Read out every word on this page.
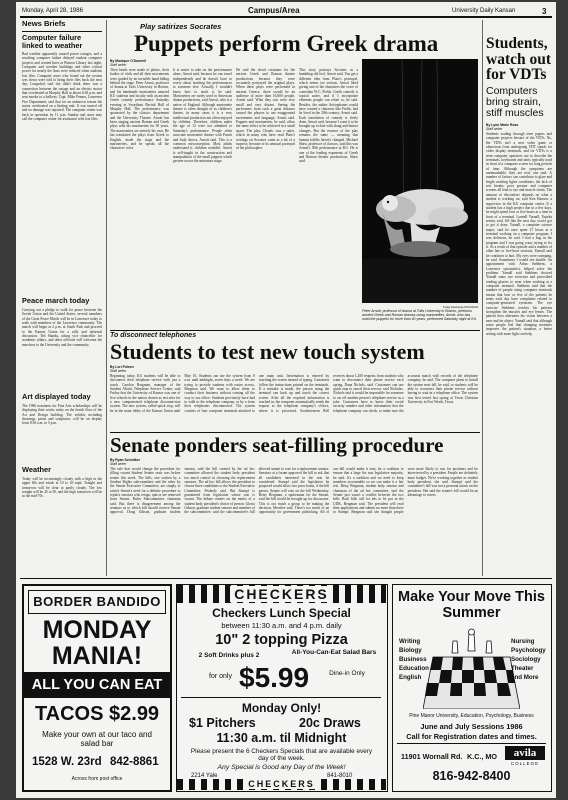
Monday, April 28, 1986	Campus/Area	University Daily Kansan	3
News Briefs
Computer failure linked to weather
Bad weather apparently caused power outages, and a resulting computer failure delayed student computer projects and created lines at Watson Library last night. Computer and weather buildings and other critical power for nearly the lines were reduced when students lost files. Computer users who found out the system was down were told to bring their files back the next day. Longsdorf said she didn't think there was a connection between the outage and an electric motor that overheated at Murphy Hall at about 6:30 p.m. and sent smoke to a hallway. Capt. Mike Penner, Lawrence Fire Department, said that for an unknown reason the motor overheated on a heating unit. It was turned off and no damage was reported. The computer center was back in operation by 11 p.m. Sunday and users may call the computer center for assistance with lost files.
Peace march today
Carrying out a pledge to walk for peace between the Soviet Union and the United States, several members of the Great Peace March will be in Lawrence today to walk with members of the Lawrence community. The march will begin at 2 p.m. at South Park and proceed to the Kansas Union for a rally and informal discussion. Ted Shanks, acting vice chancellor for academic affairs, and other officials will welcome the marchers to the University and the community.
Art displayed today
The 1986 nominees for Fine Arts scholarships will be displaying their works today on the fourth floor of the Art and Design building. The exhibit, including drawings, prints and sculptures, will be on display from 8:30 a.m. to 5 p.m.
Weather
Today will be increasingly cloudy with a high in the upper 60s and winds at 10 to 20 mph. Tonight and tomorrow will be clear to partly cloudy. The low tonight will be 45 to 50, and the high tomorrow will be in the mid-70s.
Play satirizes Socrates
Puppets perform Greek drama
By Monique O'Donnell
Staff writer
Their heads were made of plastic, their bodies of cloth and all their movements were guided by an invisible hand hiding behind the stage. Peter Arnott, professor of drama at Tufts University in Boston, and his handmade marionettes amused KU students and faculty with an ancient Greek comedy performance Saturday evening in Swarthout Recital Hall of Murphy Hall. The performance was sponsored by the classics department and the University Theatre. Arnott has been staging ancient Roman and Greek plays with his marionettes for 30 years. The marionettes are entirely his own. He has translated the plays from Greek to English, made the stage and the marionettes, and he speaks all the characters' roles.
It is easier to take on the performance alone, Arnott said, because he can travel independently and he doesn't have to worry about teaching the performances to someone else. Actually, I wouldn't know how to teach it, he said. Marionettes are rarely used in American drama productions, said Arnott, who is a native of England. Although marionette theatre is often thought of as children's theatre, in many cases it is a very intellectual production not often enjoyed by children. Therefore, children under the age of 12 were not admitted to Saturday's performance. People often associate marionette theatre with Punch and Judy shows, Arnott said. This is a common misconception. Most adults understand it, children wouldn't. Arnott is self-taught in the construction and manipulation of the small puppets which gesture across the miniature stage.
He said the cloud costumes for the ancient Greek and Roman theatre productions because they were accurately portrayed the original plays. When these plays were performed in ancient Greece, there would be an audience of more than 16,000 people, Arnott said. What they saw were very small and very distant. Seeing the performers from such a great distance caused the players to use exaggerated movements and language, Arnott said. Puppets and marionettes, he said, allow the same effect to be achieved in a small space. The play, Clouds, was a satire, which in many who have read Plato's writings on Socrates came as a bit of a surprise, because of its unusual portrayal of the philosopher.
This story portrays Socrates as a bumbling old fool, Arnott said. You get a different idea from Plato's portrayal, which seems too serious. Arnott liked giving one of the characters the voice of comedian W.C. Fields. Greek comedy is topical satire, and if I incorporate elements people can relate to, he said. Besides, the author Aristophanes would have created a character like Fields, had he lived in the 20th century, Arnott said. Each translation of comedy is freely done, Arnott said, because I want it to be brought up to date with slang and humor changes. But the essence of the play remains the same — meaning that human foibles haven't changed. Michael Shaw, professor of classics, said this was Arnott's 50th performance at KU. He is one of the leading exponents of Greek and Roman theater productions, Shaw said.
Craig Seeberger/KANSAN
Peter Arnott, professor of drama at Tufts University in Boston, performs ancient Greek and Roman dramas using marionettes. Arnott, who has used the puppets for more than 40 years, performed Saturday night at KU.
Students, watch out for VDTs
Computers bring strain, stiff muscles
By Lynn Marie Ross
Staff writer
Students wading through term papers and computer projects beware of the VDTs. No, the VDTs isn't a new video game or obnoxious from undergoing VDT stands for video display terminals, and for VDTs is a term computer operators use to describe the terminals, keyboards and units typically used in front of a computer screen for long periods of time. Although the symptoms are unremarkable, they are real, one said. A number of factors can contribute to glare and bright working lights conditions, the lack of rest breaks, poor posture and computer screens all lead to eye and muscle strain. The amount of discomfort depends on what a student is working on, said Ken Hansen, a supervisor in the KU computer center. If a student has a high project due in a few days, he might spend four or five hours at a time in front of a terminal. Lynnell Yarnall, Topeka senior, said, It'd like the next day, you're got to get it done. Yarnall, a computer science major, said he once spent 27 hours at a terminal working on a computer program. I was delirious, he said. I had a bug in the program and I was going crazy trying to fix it. As a result of that episode and a number of other late or five-hour sessions, Yarnall said he continues to hurt. My eyes were cramping, he said. Sometimes I would see double. An appointment with Arlan Stebbens, a Lawrence optometrist, helped solve the problem. Yarnall said Stebbens showed Yarnall some eye exercises and prescribed reading glasses to wear when working at a computer terminal. Stebbens said that the number of people using computer terminals means that four or five of the patients he treats each day have complaints related to computer-generated eyestrain. The eye exercise Stebbens teaches his patients strengthen the muscles and eye lenses. The patient then alternates his vision between a near and far object. Yarnall said that although some people feel that changing monitors improves the patient's situation, a better setting with more light can help.
To disconnect telephones
Students to test new touch system
By Lori Polsen
Staff writer
Beginning today, KU students will be able to disconnect their telephone service with just a touch. Carolyn Bergman, manager of the Student Affairs Telephone Service Center, said Friday that the University of Kansas was one of five schools in the nation chosen as test sites for a new computerized telephone disconnection system. The new system, called quick stop, will be in the main lobby of the Kansas Union until May 16. Students can use the system from 8 a.m. until midnight, seven days a week. We are trying to provide students with easier access, Bergman said. We want to allow them to conduct their business without coming all the way to our office. Students previously have had to walk to the telephone company, or by a form their telephones disconnected. The system consists of four computer terminals attached to one main unit. Information is entered by touching the screen instead of typing. Customers follow the instructions printed on the terminals. If a mistake is made, the person using the terminal can back up and touch the correct screen. After all the required information is touched in, the computer automatically sends the request to the telephone company's offices, where it is processed. Southwestern Bell receives about 1,200 requests from students who want to disconnect their phone service each spring, Dana Nichols, said. Customers can use quick stop to cancel their service, said Nicholas. Nichols said it would be impossible for someone to cut off another person's telephone service as a joke. Customers have to know their social security number and other information that the telephone company can check, to make sure the accounts match with records of the telephone company, he said. The computer plans to install the system next fall, he said, so students will be able to reconnect their phone service without having to wait in a telephone office. The system was first tested last spring at Texas Christian University in Fort Worth, Texas.
Senate ponders seat-filling procedure
By Ryan Schnitker
Staff writer
The rule that would change the procedure for filling vacant Student Senate seats was before senate this week. The bills, one written by a Student Rights subcommittee and the other by the Senate Executive Committee, are simply to satisfy Senate's need for a definite procedure to replace senators who resign, quit or are removed from Senate, Rules Subcommittee chairman said. But there is disagreement among the senators as to which bill should receive Senate approval. Doug Gibson, graduate student senator, said the bill created by the ad hoc committee allowed the student body president too much control in choosing the replacement senators. The ad hoc bill allows the president to choose three candidates to the Student Executive Committee, Peabody said. But Stumpf is guaranteed from legislation whose seat is vacant. The debate centers on the merits of a student body president's choice of person. Gloria Gibson, graduate student senator and member of the subcommittee, said the subcommittee's bill allowed senate to vote for a replacement senator. Senators at a forum approved the bill to ask that all candidates interested in the seat be considered. Stumpf said the legislation he proposed would allow two prior forms, if the bill passes. Senate will vote on the bill Wednesday. Betsy Bergman, a spokesman for the Senate, said the bill would be brought up for discussion. This is too much a group to be making the decision, Merrilee said. There's too much of an opportunity for government politicking. All of our bill would make it easy for a coalition to ensure that a large list was legislative majority, he said. It's a tradition and we need to keep members accountable so we can make it a fair test. Betsy Bergman, student body senator and chairman of the ad hoc committee, said the Senate just wasn't a conflict between the two bills. Both bills call for ads to be put in the UDK, Bergman said. The president will read their applications and submit no more than three to Stumpf. Bergman said she thought people were more likely to run for positions and be interviewed by a president. People are definitely more budget. We're working together as student body president, she said. Stumpf said the committee's bill was not a personal attack on the president. She said the senate's bill would be an advantage to voters.
BORDER BANDIDO
MONDAY
MANIA!
ALL YOU CAN EAT
TACOS $2.99
Make your own at our taco and salad bar
1528 W. 23rd 842-8861
Across from post office
CHECKERS
Checkers Lunch Special
between 11:30 a.m. and 4 p.m. daily
10" 2 topping Pizza
2 Soft Drinks plus 2	All-You-Can-Eat Salad Bars
for only $5.99	Dine-in Only
Monday Only!
$1 Pitchers	20c Draws
11:30 a.m. til Midnight
Please present the 6 Checkers Specials that are available every day of the week.
Any Special is Good any Day of the Week!
2214 Yale	841-8010
CHECKERS
Make Your Move This Summer
Writing
Biology
Business
Education
English
Nursing
Psychology
Sociology
Theater
and More
Pine Manor University, Education, Psychology, Business
June and July Sessions 1986
Call for Registration dates and times.
11901 Wornall Rd. K.C., MO	avila
COLLEGE
816-942-8400
